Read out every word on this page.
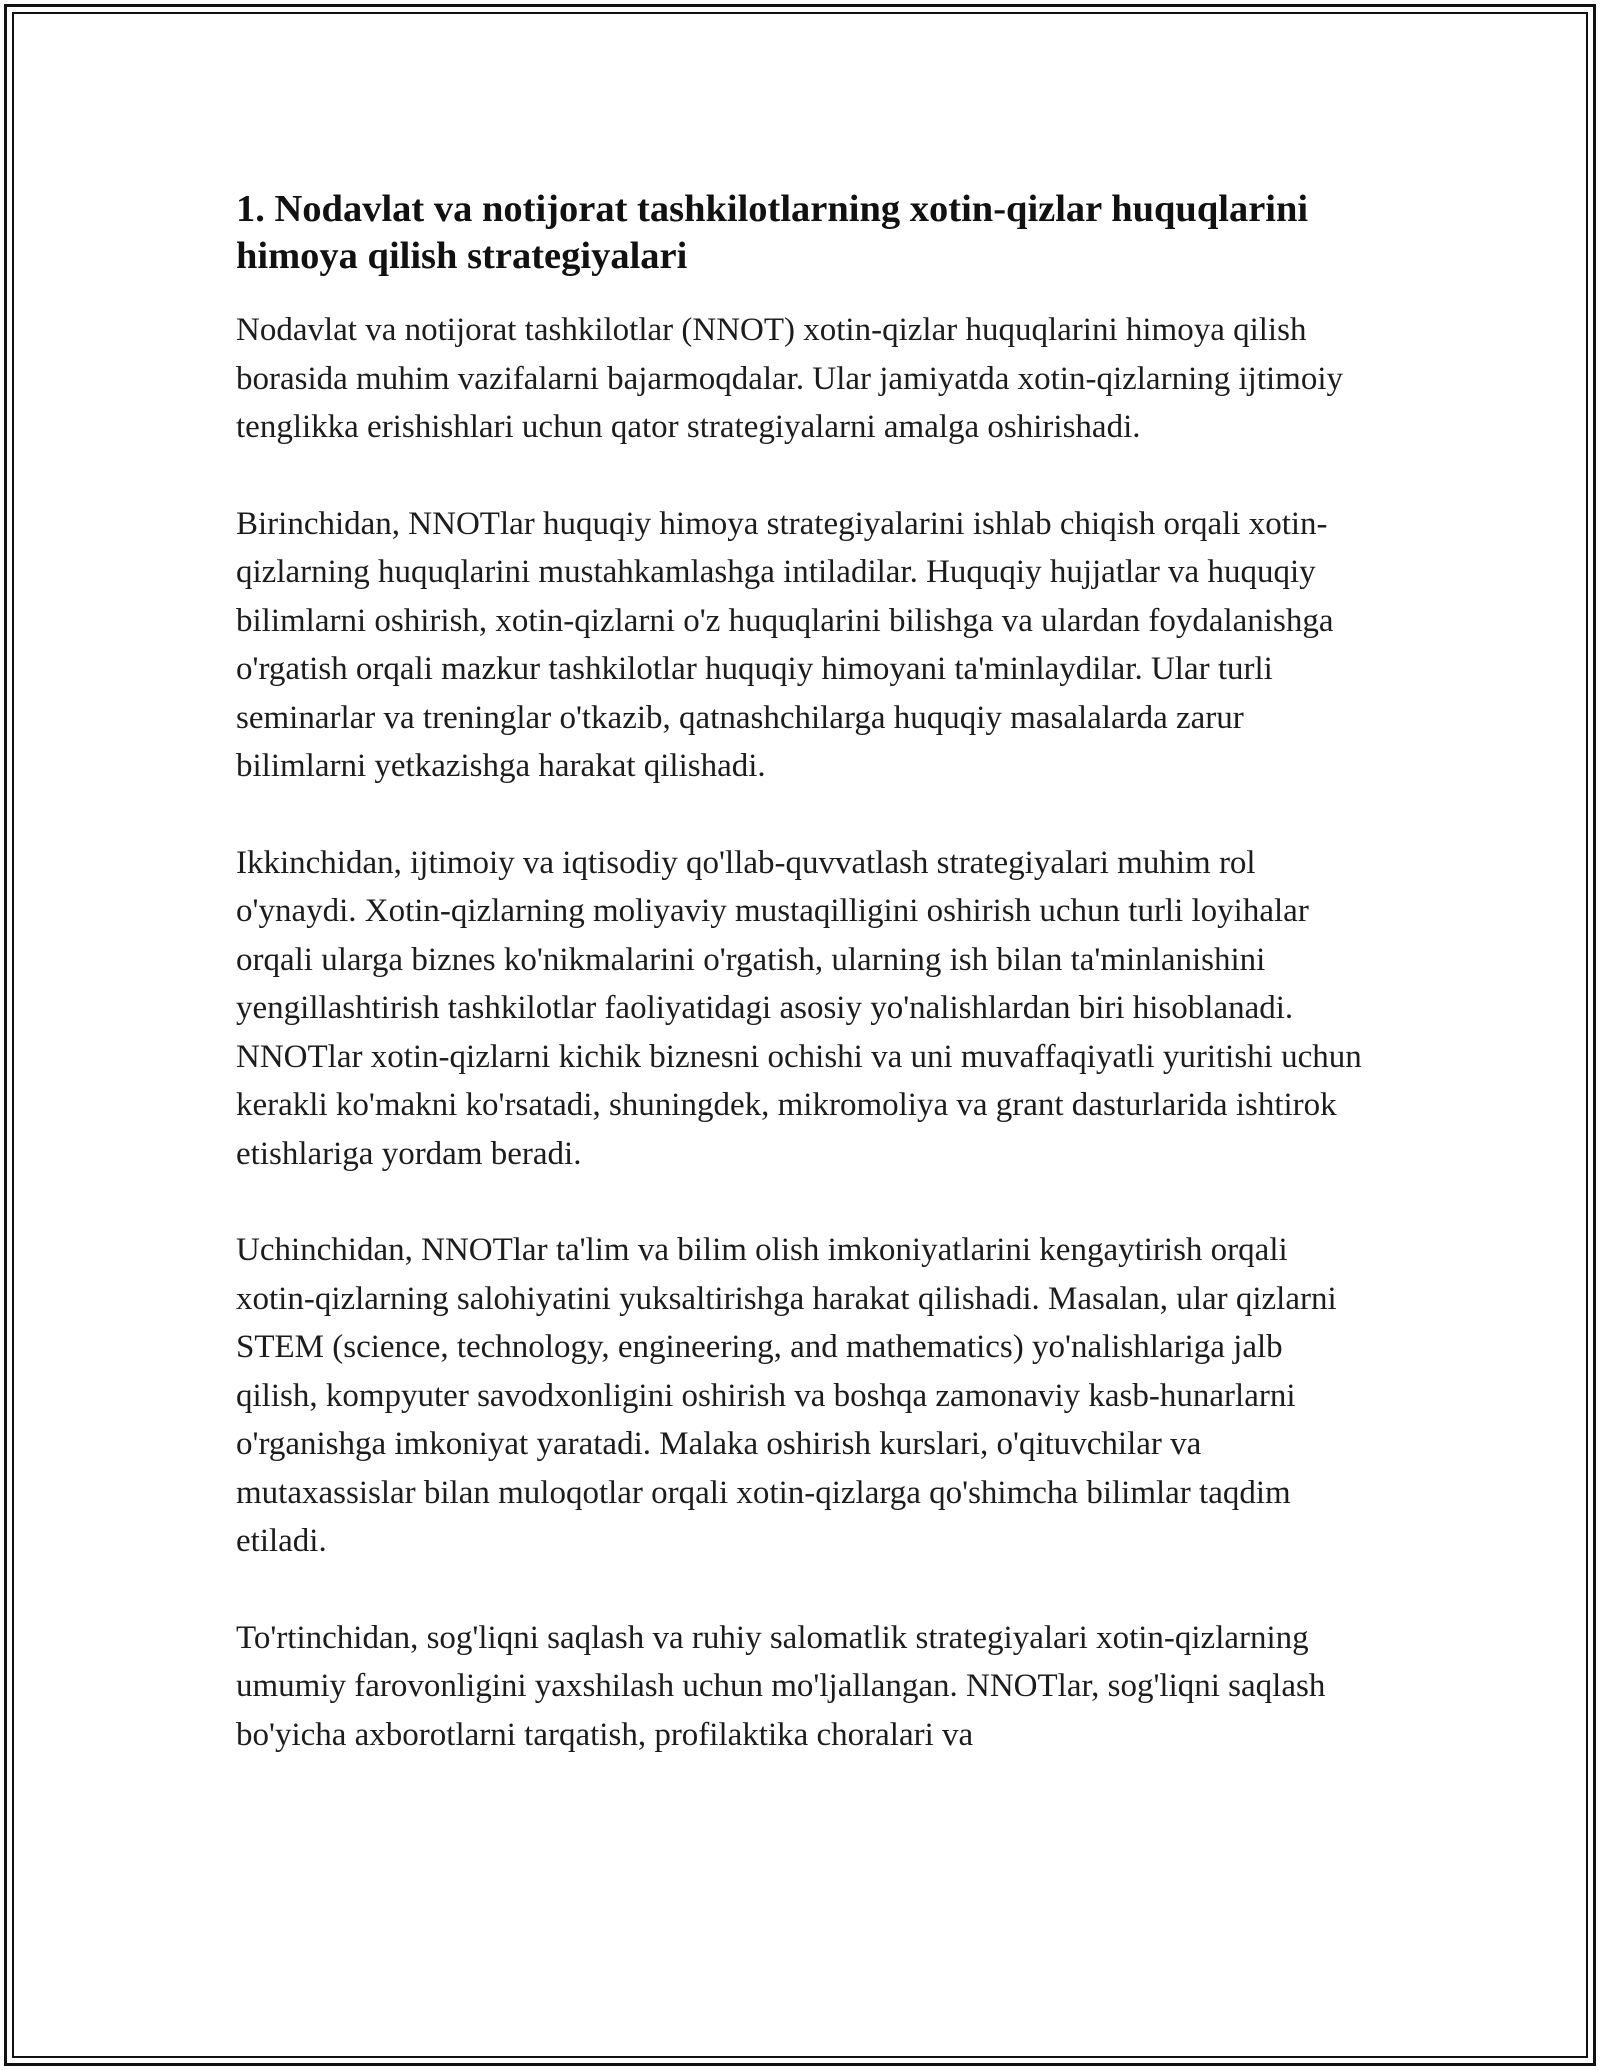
1. Nodavlat va notijorat tashkilotlarning xotin-qizlar huquqlarini himoya qilish strategiyalari

Nodavlat va notijorat tashkilotlar (NNOT) xotin-qizlar huquqlarini himoya qilish borasida muhim vazifalarni bajarmoqdalar. Ular jamiyatda xotin-qizlarning ijtimoiy tenglikka erishishlari uchun qator strategiyalarni amalga oshirishadi.

Birinchidan, NNOTlar huquqiy himoya strategiyalarini ishlab chiqish orqali xotin-qizlarning huquqlarini mustahkamlashga intiladilar. Huquqiy hujjatlar va huquqiy bilimlarni oshirish, xotin-qizlarni o'z huquqlarini bilishga va ulardan foydalanishga o'rgatish orqali mazkur tashkilotlar huquqiy himoyani ta'minlaydilar. Ular turli seminarlar va treninglar o'tkazib, qatnashchilarga huquqiy masalalarda zarur bilimlarni yetkazishga harakat qilishadi.

Ikkinchidan, ijtimoiy va iqtisodiy qo'llab-quvvatlash strategiyalari muhim rol o'ynaydi. Xotin-qizlarning moliyaviy mustaqilligini oshirish uchun turli loyihalar orqali ularga biznes ko'nikmalarini o'rgatish, ularning ish bilan ta'minlanishini yengillashtirish tashkilotlar faoliyatidagi asosiy yo'nalishlardan biri hisoblanadi. NNOTlar xotin-qizlarni kichik biznesni ochishi va uni muvaffaqiyatli yuritishi uchun kerakli ko'makni ko'rsatadi, shuningdek, mikromoliya va grant dasturlarida ishtirok etishlariga yordam beradi.

Uchinchidan, NNOTlar ta'lim va bilim olish imkoniyatlarini kengaytirish orqali xotin-qizlarning salohiyatini yuksaltirishga harakat qilishadi. Masalan, ular qizlarni STEM (science, technology, engineering, and mathematics) yo'nalishlariga jalb qilish, kompyuter savodxonligini oshirish va boshqa zamonaviy kasb-hunarlarni o'rganishga imkoniyat yaratadi. Malaka oshirish kurslari, o'qituvchilar va mutaxassislar bilan muloqotlar orqali xotin-qizlarga qo'shimcha bilimlar taqdim etiladi.

To'rtinchidan, sog'liqni saqlash va ruhiy salomatlik strategiyalari xotin-qizlarning umumiy farovonligini yaxshilash uchun mo'ljallangan. NNOTlar, sog'liqni saqlash bo'yicha axborotlarni tarqatish, profilaktika choralari va
